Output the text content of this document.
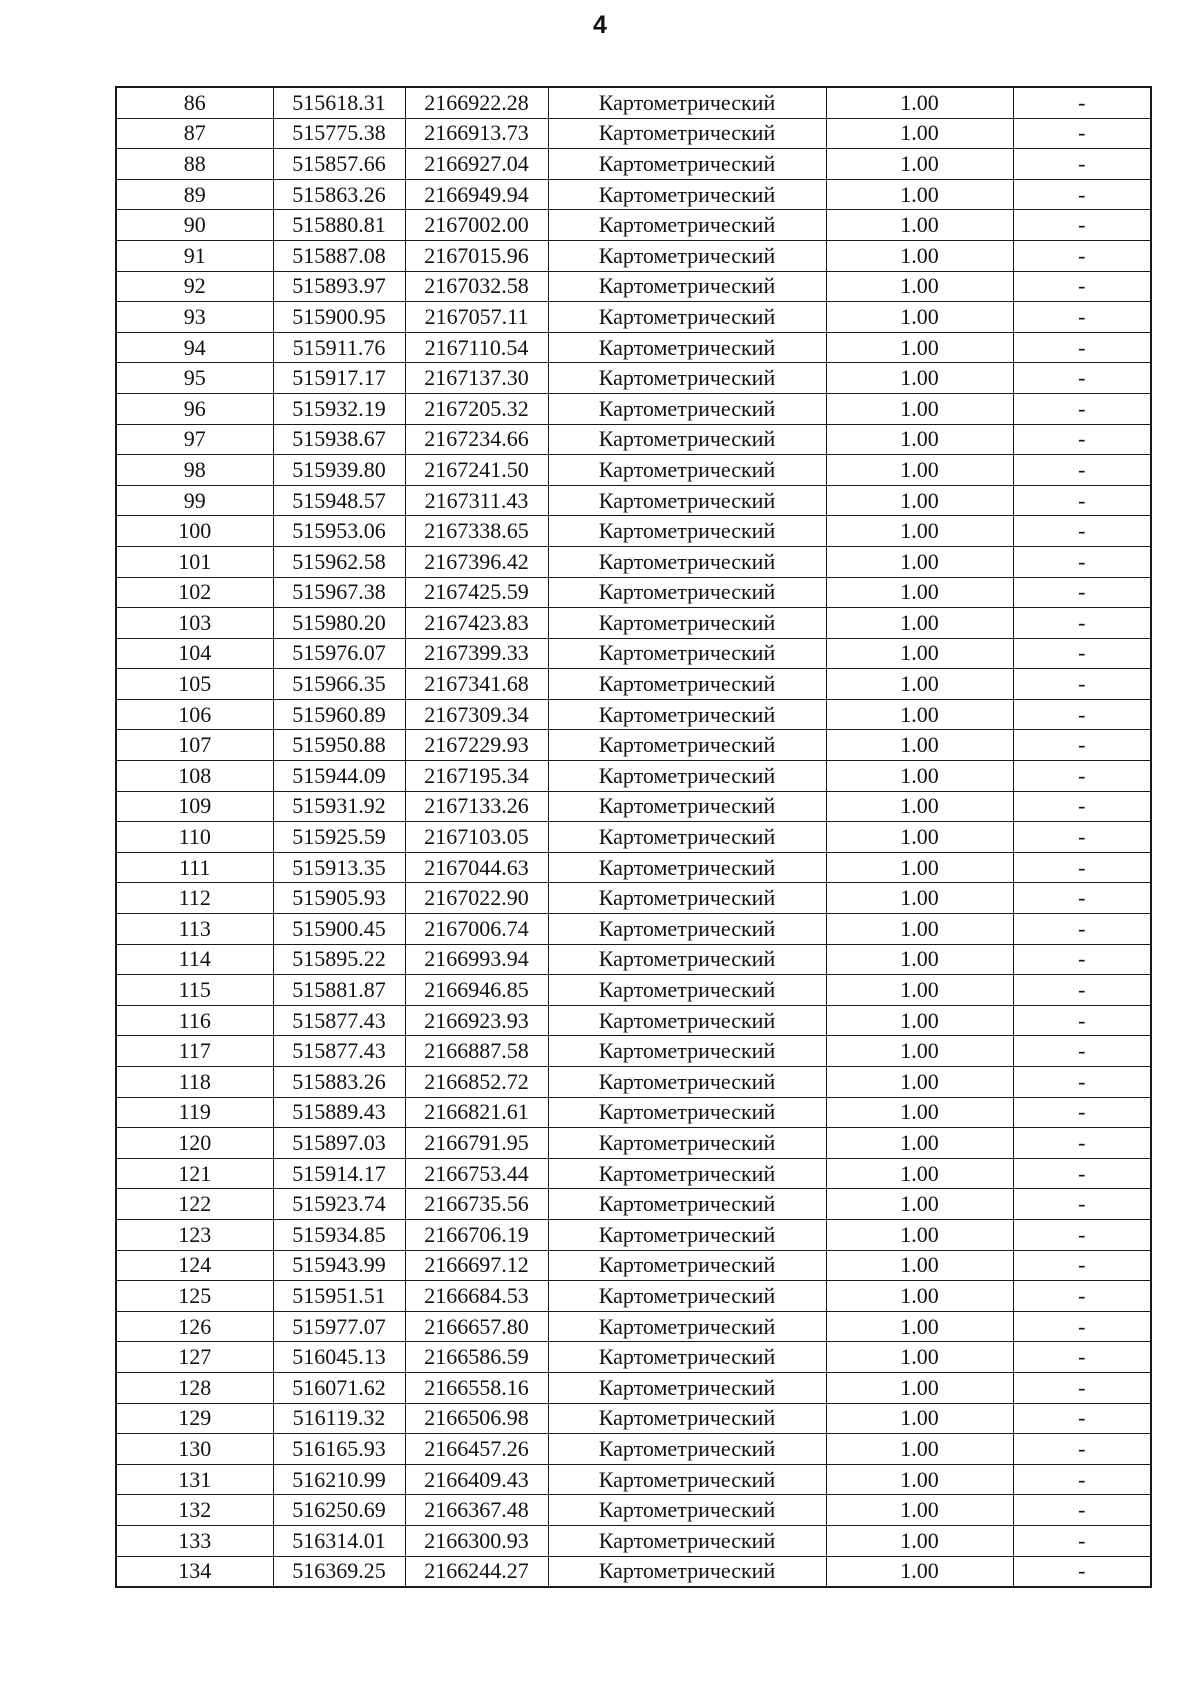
4
86	515618.31	2166922.28	Картометрический	1.00	-
87	515775.38	2166913.73	Картометрический	1.00	-
88	515857.66	2166927.04	Картометрический	1.00	-
89	515863.26	2166949.94	Картометрический	1.00	-
90	515880.81	2167002.00	Картометрический	1.00	-
91	515887.08	2167015.96	Картометрический	1.00	-
92	515893.97	2167032.58	Картометрический	1.00	-
93	515900.95	2167057.11	Картометрический	1.00	-
94	515911.76	2167110.54	Картометрический	1.00	-
95	515917.17	2167137.30	Картометрический	1.00	-
96	515932.19	2167205.32	Картометрический	1.00	-
97	515938.67	2167234.66	Картометрический	1.00	-
98	515939.80	2167241.50	Картометрический	1.00	-
99	515948.57	2167311.43	Картометрический	1.00	-
100	515953.06	2167338.65	Картометрический	1.00	-
101	515962.58	2167396.42	Картометрический	1.00	-
102	515967.38	2167425.59	Картометрический	1.00	-
103	515980.20	2167423.83	Картометрический	1.00	-
104	515976.07	2167399.33	Картометрический	1.00	-
105	515966.35	2167341.68	Картометрический	1.00	-
106	515960.89	2167309.34	Картометрический	1.00	-
107	515950.88	2167229.93	Картометрический	1.00	-
108	515944.09	2167195.34	Картометрический	1.00	-
109	515931.92	2167133.26	Картометрический	1.00	-
110	515925.59	2167103.05	Картометрический	1.00	-
111	515913.35	2167044.63	Картометрический	1.00	-
112	515905.93	2167022.90	Картометрический	1.00	-
113	515900.45	2167006.74	Картометрический	1.00	-
114	515895.22	2166993.94	Картометрический	1.00	-
115	515881.87	2166946.85	Картометрический	1.00	-
116	515877.43	2166923.93	Картометрический	1.00	-
117	515877.43	2166887.58	Картометрический	1.00	-
118	515883.26	2166852.72	Картометрический	1.00	-
119	515889.43	2166821.61	Картометрический	1.00	-
120	515897.03	2166791.95	Картометрический	1.00	-
121	515914.17	2166753.44	Картометрический	1.00	-
122	515923.74	2166735.56	Картометрический	1.00	-
123	515934.85	2166706.19	Картометрический	1.00	-
124	515943.99	2166697.12	Картометрический	1.00	-
125	515951.51	2166684.53	Картометрический	1.00	-
126	515977.07	2166657.80	Картометрический	1.00	-
127	516045.13	2166586.59	Картометрический	1.00	-
128	516071.62	2166558.16	Картометрический	1.00	-
129	516119.32	2166506.98	Картометрический	1.00	-
130	516165.93	2166457.26	Картометрический	1.00	-
131	516210.99	2166409.43	Картометрический	1.00	-
132	516250.69	2166367.48	Картометрический	1.00	-
133	516314.01	2166300.93	Картометрический	1.00	-
134	516369.25	2166244.27	Картометрический	1.00	-
